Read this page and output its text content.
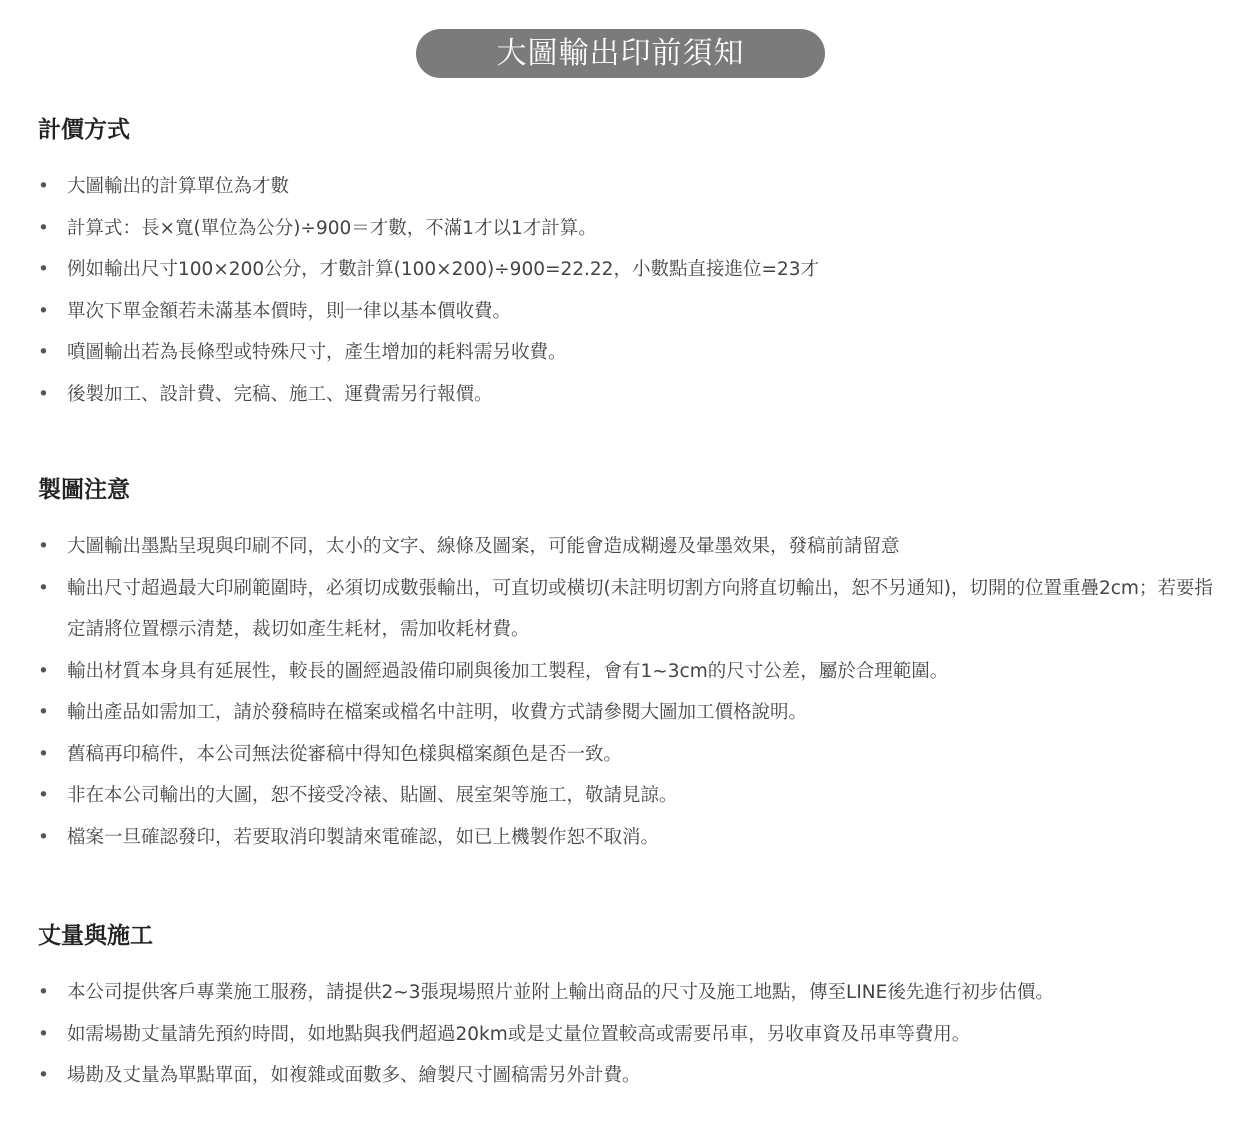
大圖輸出印前須知
計價方式
• 大圖輸出的計算單位為才數
• 計算式：長×寬(單位為公分)÷900＝才數，不滿1才以1才計算。
• 例如輸出尺寸100×200公分，才數計算(100×200)÷900=22.22，小數點直接進位=23才
• 單次下單金額若未滿基本價時，則一律以基本價收費。
• 噴圖輸出若為長條型或特殊尺寸，產生增加的耗料需另收費。
• 後製加工、設計費、完稿、施工、運費需另行報價。
製圖注意
• 大圖輸出墨點呈現與印刷不同，太小的文字、線條及圖案，可能會造成糊邊及暈墨效果，發稿前請留意
• 輸出尺寸超過最大印刷範圍時，必須切成數張輸出，可直切或橫切(未註明切割方向將直切輸出，恕不另通知)，切開的位置重疊2cm；若要指定請將位置標示清楚，裁切如產生耗材，需加收耗材費。
• 輸出材質本身具有延展性，較長的圖經過設備印刷與後加工製程，會有1~3cm的尺寸公差，屬於合理範圍。
• 輸出產品如需加工，請於發稿時在檔案或檔名中註明，收費方式請參閱大圖加工價格說明。
• 舊稿再印稿件，本公司無法從審稿中得知色樣與檔案顏色是否一致。
• 非在本公司輸出的大圖，恕不接受冷裱、貼圖、展室架等施工，敬請見諒。
• 檔案一旦確認發印，若要取消印製請來電確認，如已上機製作恕不取消。
丈量與施工
• 本公司提供客戶專業施工服務，請提供2~3張現場照片並附上輸出商品的尺寸及施工地點，傳至LINE後先進行初步估價。
• 如需場勘丈量請先預約時間，如地點與我們超過20km或是丈量位置較高或需要吊車，另收車資及吊車等費用。
• 場勘及丈量為單點單面，如複雜或面數多、繪製尺寸圖稿需另外計費。
